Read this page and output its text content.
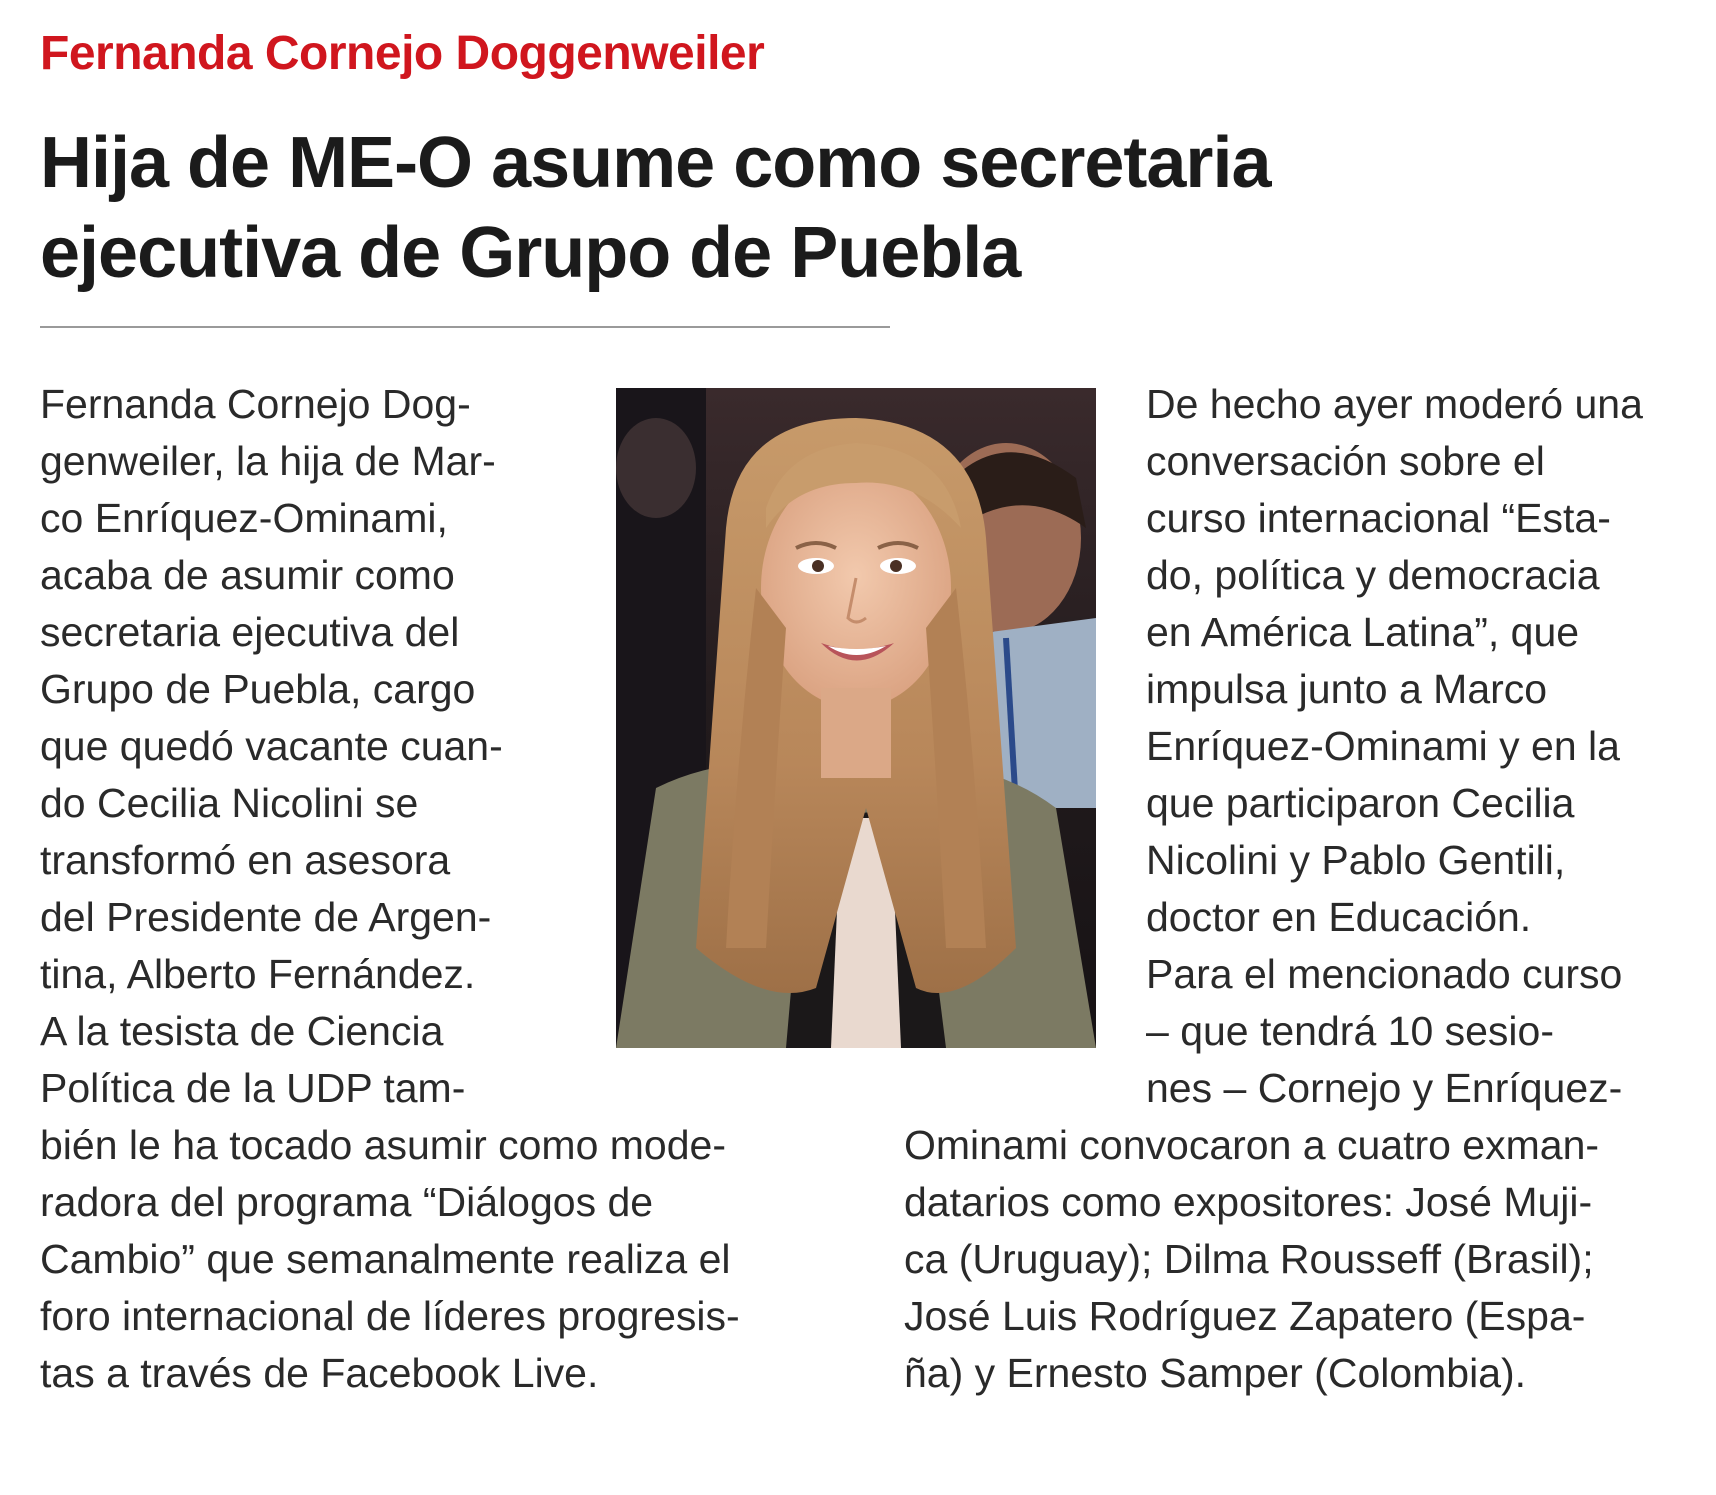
Fernanda Cornejo Doggenweiler
Hija de ME-O asume como secretaria
ejecutiva de Grupo de Puebla
Fernanda Cornejo Dog-
genweiler, la hija de Mar-
co Enríquez-Ominami,
acaba de asumir como
secretaria ejecutiva del
Grupo de Puebla, cargo
que quedó vacante cuan-
do Cecilia Nicolini se
transformó en asesora
del Presidente de Argen-
tina, Alberto Fernández.
A la tesista de Ciencia
Política de la UDP tam-
bién le ha tocado asumir como mode-
radora del programa “Diálogos de
Cambio” que semanalmente realiza el
foro internacional de líderes progresis-
tas a través de Facebook Live.
De hecho ayer moderó una
conversación sobre el
curso internacional “Esta-
do, política y democracia
en América Latina”, que
impulsa junto a Marco
Enríquez-Ominami y en la
que participaron Cecilia
Nicolini y Pablo Gentili,
doctor en Educación.
Para el mencionado curso
– que tendrá 10 sesio-
nes – Cornejo y Enríquez-
Ominami convocaron a cuatro exman-
datarios como expositores: José Muji-
ca (Uruguay); Dilma Rousseff (Brasil);
José Luis Rodríguez Zapatero (Espa-
ña) y Ernesto Samper (Colombia).
